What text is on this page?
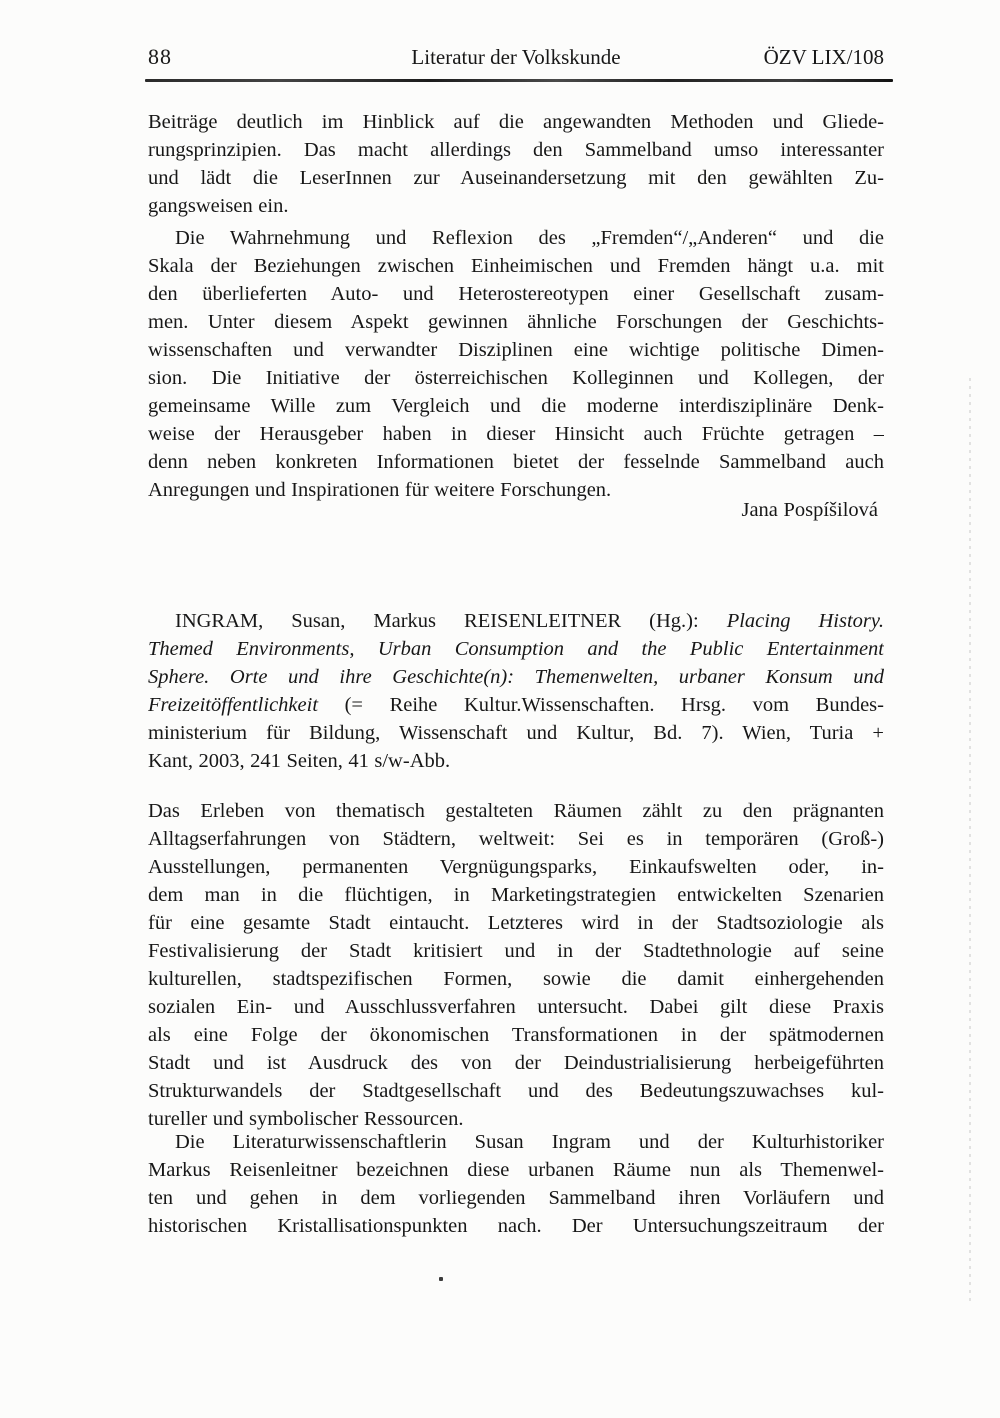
88	Literatur der Volkskunde	ÖZV LIX/108
Beiträge deutlich im Hinblick auf die angewandten Methoden und Gliede-
rungsprinzipien. Das macht allerdings den Sammelband umso interessanter
und lädt die LeserInnen zur Auseinandersetzung mit den gewählten Zu-
gangsweisen ein.
Die Wahrnehmung und Reflexion des „Fremden“/„Anderen“ und die
Skala der Beziehungen zwischen Einheimischen und Fremden hängt u.a. mit
den überlieferten Auto- und Heterostereotypen einer Gesellschaft zusam-
men. Unter diesem Aspekt gewinnen ähnliche Forschungen der Geschichts-
wissenschaften und verwandter Disziplinen eine wichtige politische Dimen-
sion. Die Initiative der österreichischen Kolleginnen und Kollegen, der
gemeinsame Wille zum Vergleich und die moderne interdisziplinäre Denk-
weise der Herausgeber haben in dieser Hinsicht auch Früchte getragen –
denn neben konkreten Informationen bietet der fesselnde Sammelband auch
Anregungen und Inspirationen für weitere Forschungen.
Jana Pospíšilová
INGRAM, Susan, Markus REISENLEITNER (Hg.): Placing History.
Themed Environments, Urban Consumption and the Public Entertainment
Sphere. Orte und ihre Geschichte(n): Themenwelten, urbaner Konsum und
Freizeitöffentlichkeit (= Reihe Kultur.Wissenschaften. Hrsg. vom Bundes-
ministerium für Bildung, Wissenschaft und Kultur, Bd. 7). Wien, Turia +
Kant, 2003, 241 Seiten, 41 s/w-Abb.
Das Erleben von thematisch gestalteten Räumen zählt zu den prägnanten
Alltagserfahrungen von Städtern, weltweit: Sei es in temporären (Groß-)
Ausstellungen, permanenten Vergnügungsparks, Einkaufswelten oder, in-
dem man in die flüchtigen, in Marketingstrategien entwickelten Szenarien
für eine gesamte Stadt eintaucht. Letzteres wird in der Stadtsoziologie als
Festivalisierung der Stadt kritisiert und in der Stadtethnologie auf seine
kulturellen, stadtspezifischen Formen, sowie die damit einhergehenden
sozialen Ein- und Ausschlussverfahren untersucht. Dabei gilt diese Praxis
als eine Folge der ökonomischen Transformationen in der spätmodernen
Stadt und ist Ausdruck des von der Deindustrialisierung herbeigeführten
Strukturwandels der Stadtgesellschaft und des Bedeutungszuwachses kul-
tureller und symbolischer Ressourcen.
Die Literaturwissenschaftlerin Susan Ingram und der Kulturhistoriker
Markus Reisenleitner bezeichnen diese urbanen Räume nun als Themenwel-
ten und gehen in dem vorliegenden Sammelband ihren Vorläufern und
historischen Kristallisationspunkten nach. Der Untersuchungszeitraum der
